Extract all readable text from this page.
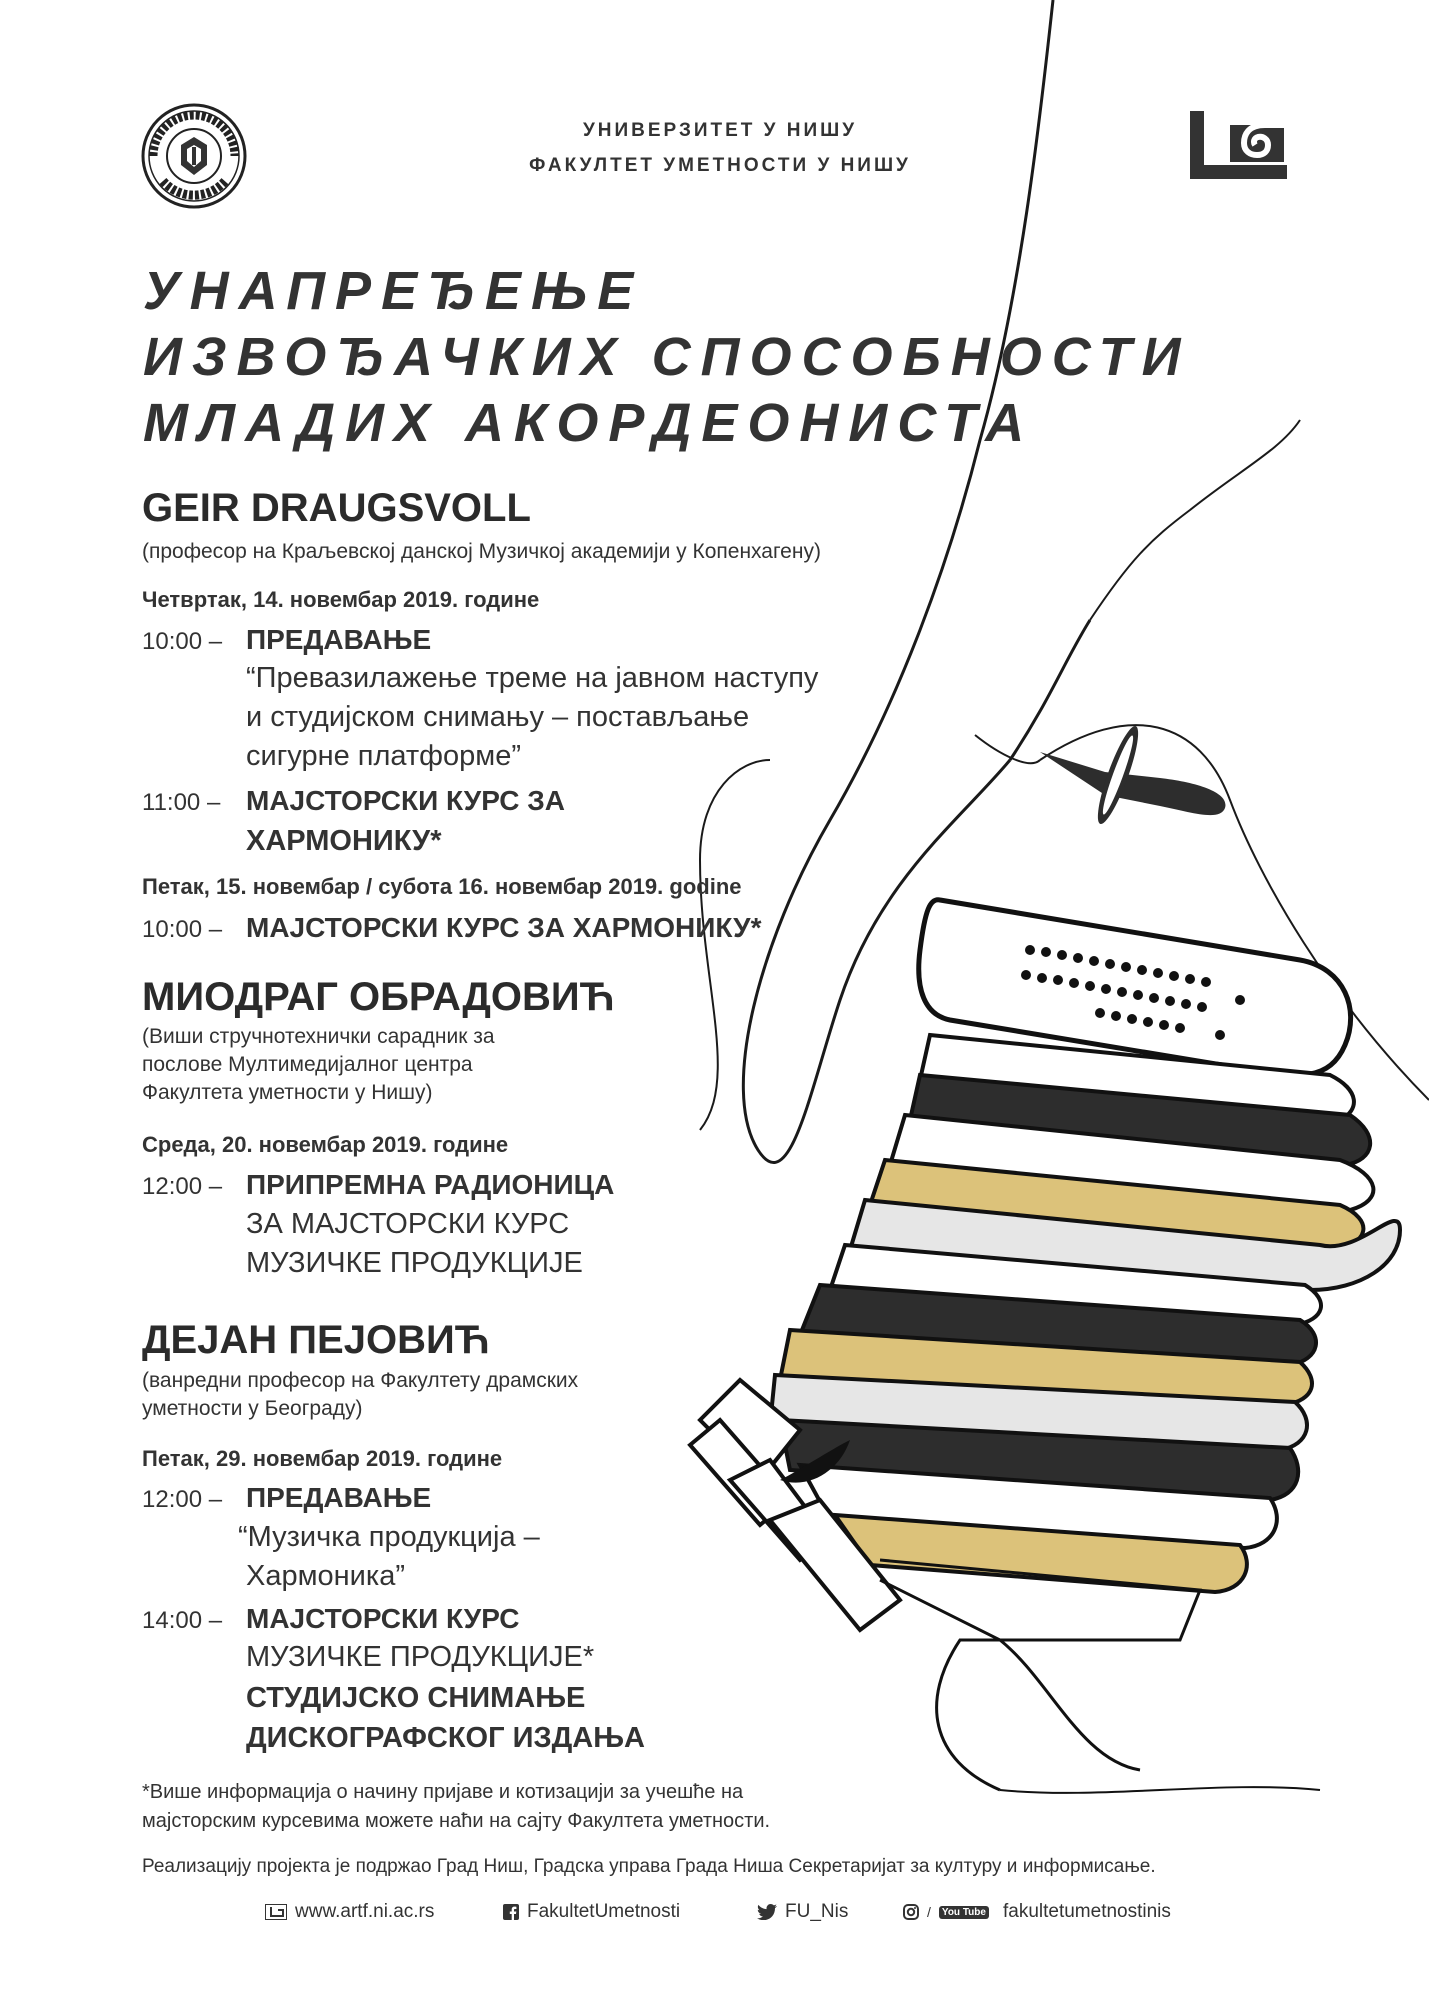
УНИВЕРЗИТЕТ У НИШУ
ФАКУЛТЕТ УМЕТНОСТИ У НИШУ
УНАПРЕЂЕЊЕ
ИЗВОЂАЧКИХ СПОСОБНОСТИ
МЛАДИХ АКОРДЕОНИСТА
GEIR DRAUGSVOLL
(професор на Краљевској данској Музичкој академији у Копенхагену)
Четвртак, 14. новембар 2019. године
10:00 – ПРЕДАВАЊЕ
“Превазилажење треме на јавном наступу
и студијском снимању – постављање
сигурне платформе”
11:00 – МАЈСТОРСКИ КУРС ЗА
ХАРМОНИКУ*
Петак, 15. новембар / субота 16. новембар 2019. godine
10:00 – МАЈСТОРСКИ КУРС ЗА ХАРМОНИКУ*
МИОДРАГ ОБРАДОВИЋ
(Виши стручнотехнички сарадник за
послове Мултимедијалног центра
Факултета уметности у Нишу)
Среда, 20. новембар 2019. године
12:00 – ПРИПРЕМНА РАДИОНИЦА
ЗА МАЈСТОРСКИ КУРС
МУЗИЧКЕ ПРОДУКЦИЈЕ
ДЕЈАН ПЕЈОВИЋ
(ванредни професор на Факултету драмских
уметности у Београду)
Петак, 29. новембар 2019. године
12:00 – ПРЕДАВАЊЕ
“Музичка продукција –
Хармоника”
14:00 – МАЈСТОРСКИ КУРС
МУЗИЧКЕ ПРОДУКЦИЈЕ*
СТУДИЈСКО СНИМАЊЕ
ДИСКОГРАФСКОГ ИЗДАЊА
*Више информација о начину пријаве и котизацији за учешће на
мајсторским курсевима можете наћи на сајту Факултета уметности.
Реализацију пројекта је подржао Град Ниш, Градска управа Града Ниша Секретаријат за културу и информисање.
www.artf.ni.ac.rs	FakultetUmetnosti	FU_Nis	/	You Tube fakultetumetnostinis
